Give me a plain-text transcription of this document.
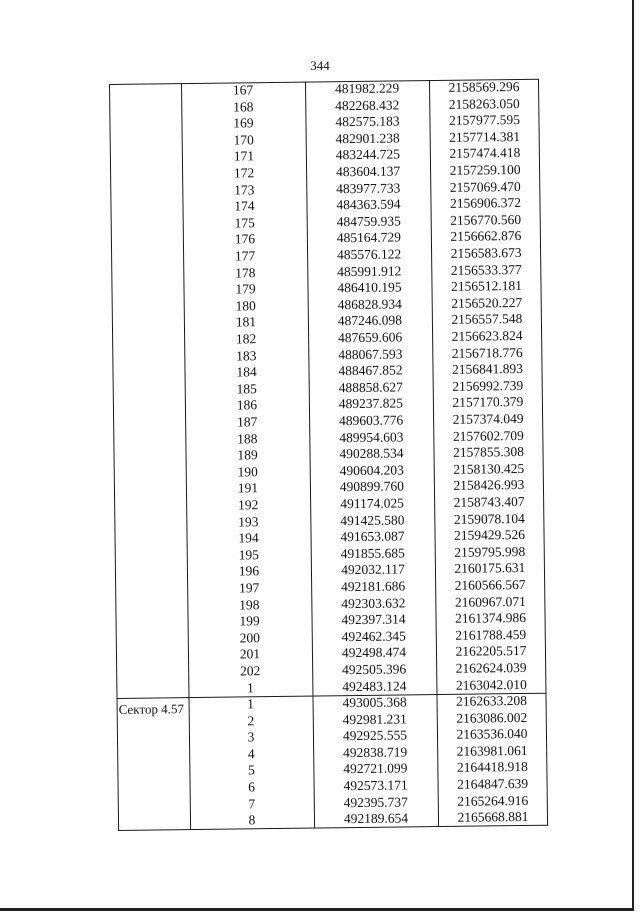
344
Сектор 4.57
167	481982.229	2158569.296
168	482268.432	2158263.050
169	482575.183	2157977.595
170	482901.238	2157714.381
171	483244.725	2157474.418
172	483604.137	2157259.100
173	483977.733	2157069.470
174	484363.594	2156906.372
175	484759.935	2156770.560
176	485164.729	2156662.876
177	485576.122	2156583.673
178	485991.912	2156533.377
179	486410.195	2156512.181
180	486828.934	2156520.227
181	487246.098	2156557.548
182	487659.606	2156623.824
183	488067.593	2156718.776
184	488467.852	2156841.893
185	488858.627	2156992.739
186	489237.825	2157170.379
187	489603.776	2157374.049
188	489954.603	2157602.709
189	490288.534	2157855.308
190	490604.203	2158130.425
191	490899.760	2158426.993
192	491174.025	2158743.407
193	491425.580	2159078.104
194	491653.087	2159429.526
195	491855.685	2159795.998
196	492032.117	2160175.631
197	492181.686	2160566.567
198	492303.632	2160967.071
199	492397.314	2161374.986
200	492462.345	2161788.459
201	492498.474	2162205.517
202	492505.396	2162624.039
1	492483.124	2163042.010
1	493005.368	2162633.208
2	492981.231	2163086.002
3	492925.555	2163536.040
4	492838.719	2163981.061
5	492721.099	2164418.918
6	492573.171	2164847.639
7	492395.737	2165264.916
8	492189.654	2165668.881
